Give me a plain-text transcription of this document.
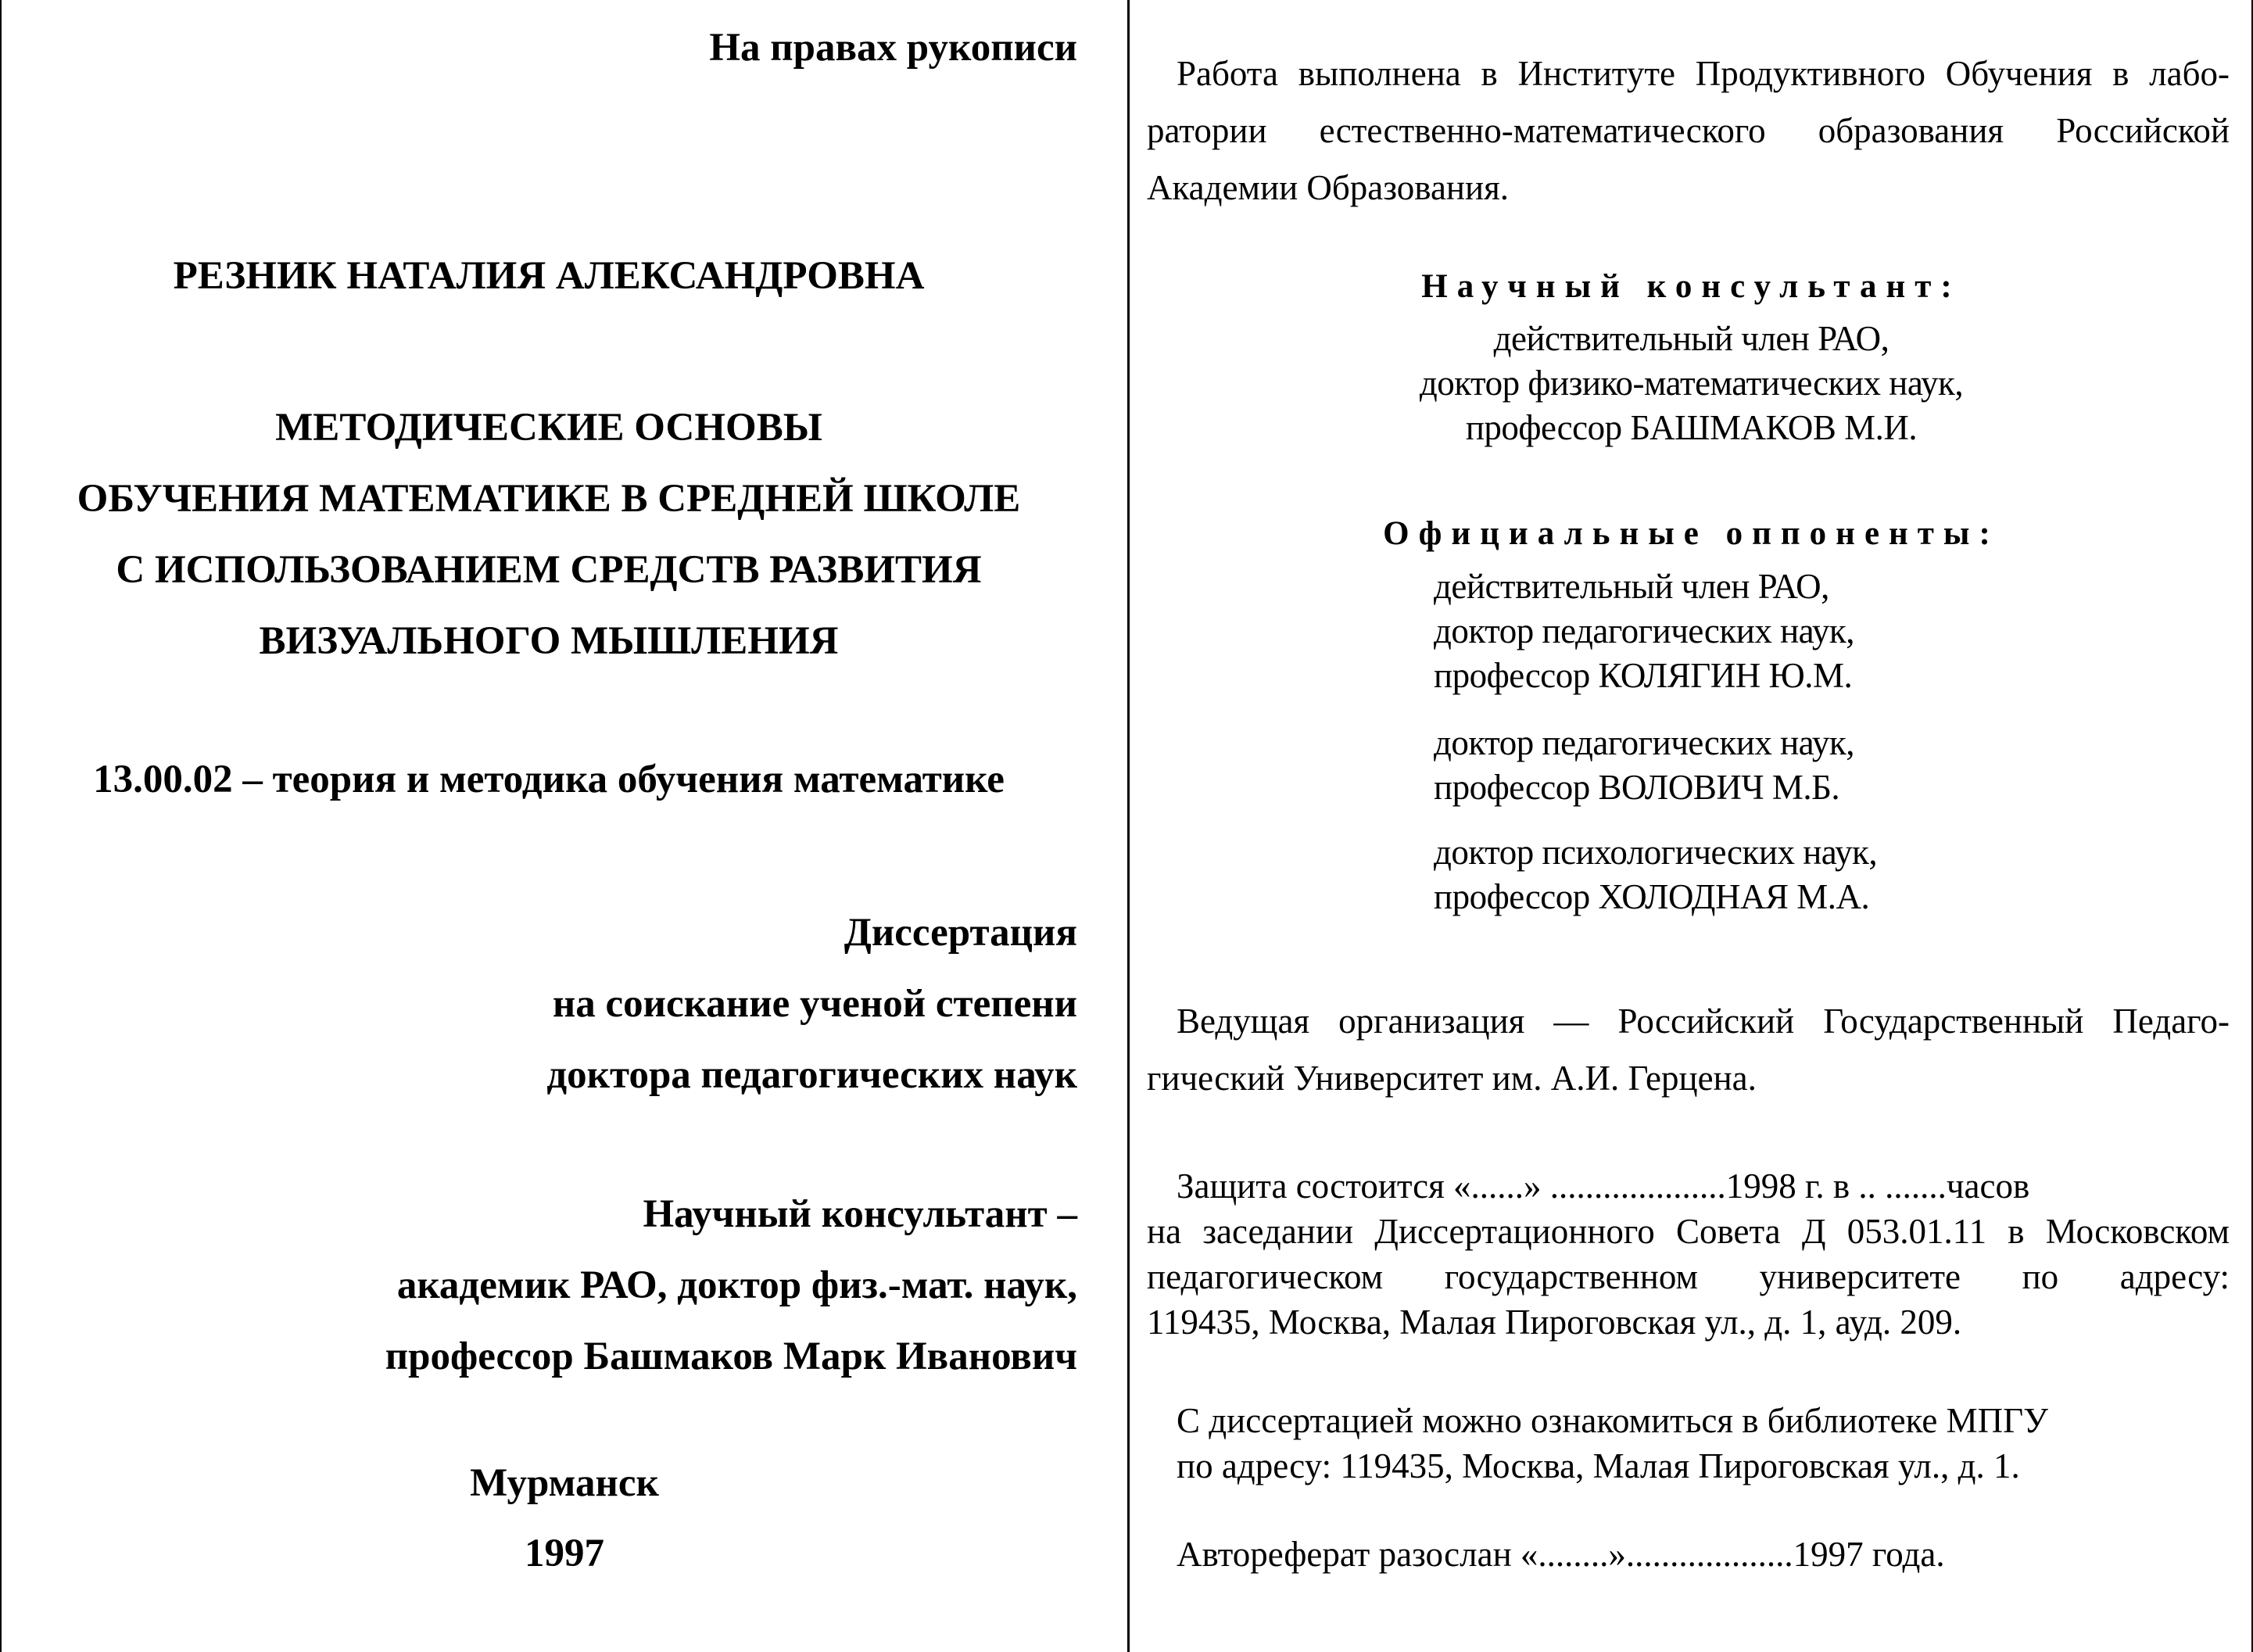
На правах рукописи

РЕЗНИК НАТАЛИЯ АЛЕКСАНДРОВНА

МЕТОДИЧЕСКИЕ ОСНОВЫ

ОБУЧЕНИЯ МАТЕМАТИКЕ В СРЕДНЕЙ ШКОЛЕ

С ИСПОЛЬЗОВАНИЕМ СРЕДСТВ РАЗВИТИЯ

ВИЗУАЛЬНОГО МЫШЛЕНИЯ

13.00.02 – теория и методика обучения математике

Диссертация

на соискание ученой степени

доктора педагогических наук

Научный консультант –

академик РАО, доктор физ.-мат. наук,

профессор Башмаков Марк Иванович

Мурманск

1997

Работа выполнена в Институте Продуктивного Обучения в лабо-

ратории естественно-математического образования Российской

Академии Образования.

Научный консультант:

действительный член РАО,

доктор физико-математических наук,

профессор БАШМАКОВ М.И.

Официальные оппоненты:

действительный член РАО,

доктор педагогических наук,

профессор КОЛЯГИН Ю.М.

доктор педагогических наук,

профессор ВОЛОВИЧ М.Б.

доктор психологических наук,

профессор ХОЛОДНАЯ М.А.

Ведущая организация — Российский Государственный Педаго-

гический Университет им. А.И. Герцена.

Защита состоится «......» ....................1998 г. в .. .......часов

на заседании Диссертационного Совета Д 053.01.11 в Московском

педагогическом государственном университете по адресу:

119435, Москва, Малая Пироговская ул., д. 1, ауд. 209.

С диссертацией можно ознакомиться в библиотеке МПГУ

по адресу: 119435, Москва, Малая Пироговская ул., д. 1.

Автореферат разослан «........»...................1997 года.
